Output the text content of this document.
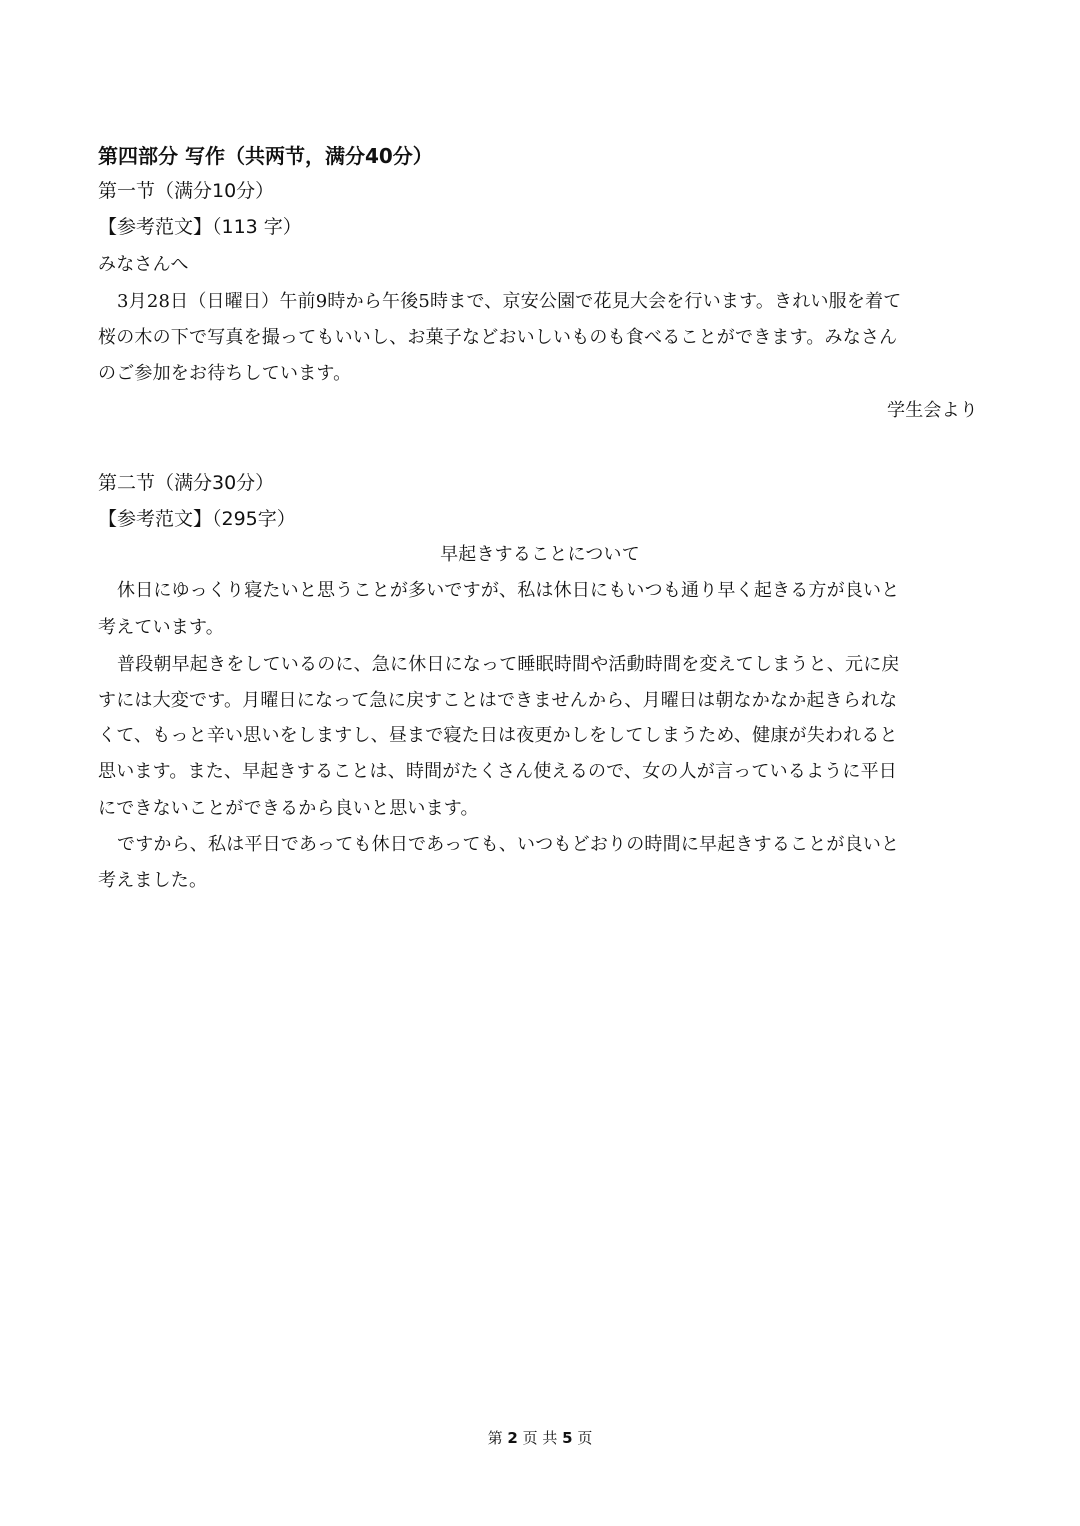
第四部分 写作（共两节，满分40分）
第一节（满分10分）
【参考范文】（113 字）
みなさんへ
3月28日（日曜日）午前9時から午後5時まで、京安公園で花見大会を行います。きれい服を着て
桜の木の下で写真を撮ってもいいし、お菓子などおいしいものも食べることができます。みなさん
のご参加をお待ちしています。
学生会より
第二节（满分30分）
【参考范文】（295字）
早起きすることについて
休日にゆっくり寝たいと思うことが多いですが、私は休日にもいつも通り早く起きる方が良いと
考えています。
普段朝早起きをしているのに、急に休日になって睡眠時間や活動時間を変えてしまうと、元に戻
すには大変です。月曜日になって急に戻すことはできませんから、月曜日は朝なかなか起きられな
くて、もっと辛い思いをしますし、昼まで寝た日は夜更かしをしてしまうため、健康が失われると
思います。また、早起きすることは、時間がたくさん使えるので、女の人が言っているように平日
にできないことができるから良いと思います。
ですから、私は平日であっても休日であっても、いつもどおりの時間に早起きすることが良いと
考えました。
第 2 页 共 5 页
